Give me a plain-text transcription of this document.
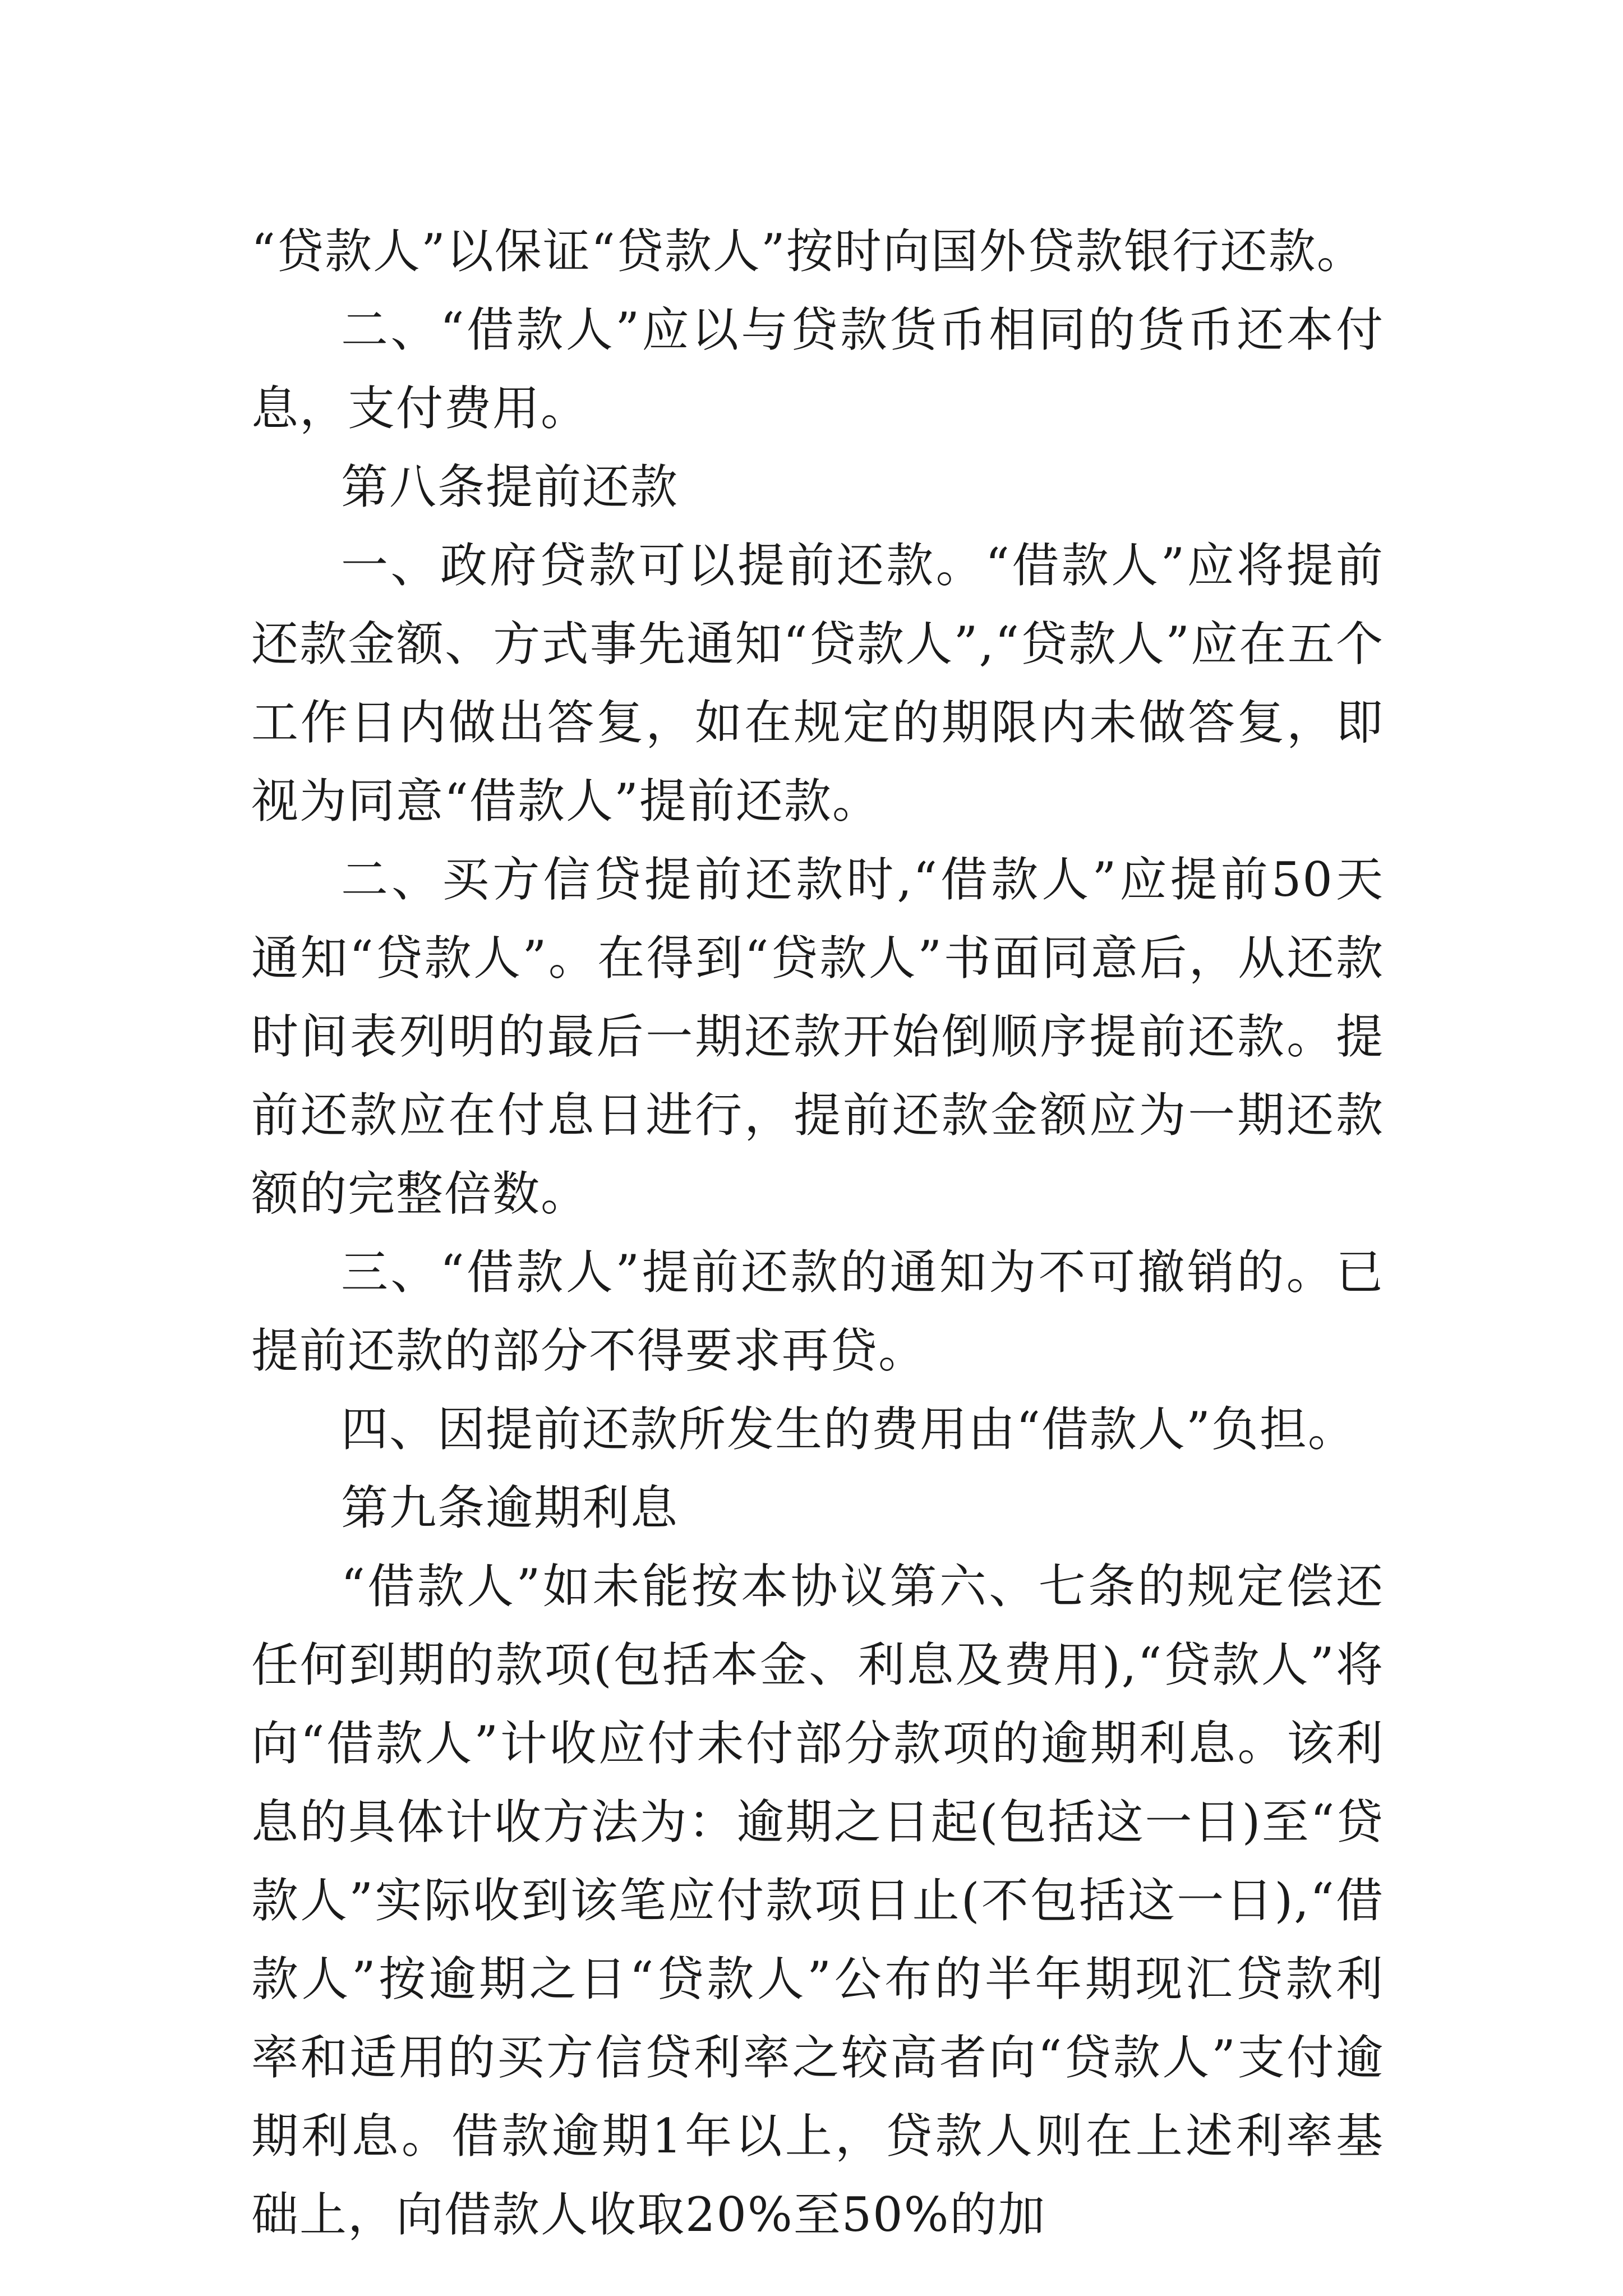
“贷款人”以保证“贷款人”按时向国外贷款银行还款。

二、“借款人”应以与贷款货币相同的货币还本付息，支付费用。

第八条提前还款

一、政府贷款可以提前还款。“借款人”应将提前还款金额、方式事先通知“贷款人”,“贷款人”应在五个工作日内做出答复，如在规定的期限内未做答复，即视为同意“借款人”提前还款。

二、买方信贷提前还款时,“借款人”应提前50天通知“贷款人”。在得到“贷款人”书面同意后，从还款时间表列明的最后一期还款开始倒顺序提前还款。提前还款应在付息日进行，提前还款金额应为一期还款额的完整倍数。

三、“借款人”提前还款的通知为不可撤销的。已提前还款的部分不得要求再贷。

四、因提前还款所发生的费用由“借款人”负担。

第九条逾期利息

“借款人”如未能按本协议第六、七条的规定偿还任何到期的款项(包括本金、利息及费用),“贷款人”将向“借款人”计收应付未付部分款项的逾期利息。该利息的具体计收方法为：逾期之日起(包括这一日)至“贷款人”实际收到该笔应付款项日止(不包括这一日),“借款人”按逾期之日“贷款人”公布的半年期现汇贷款利率和适用的买方信贷利率之较高者向“贷款人”支付逾期利息。借款逾期1年以上，贷款人则在上述利率基础上，向借款人收取20%至50%的加
